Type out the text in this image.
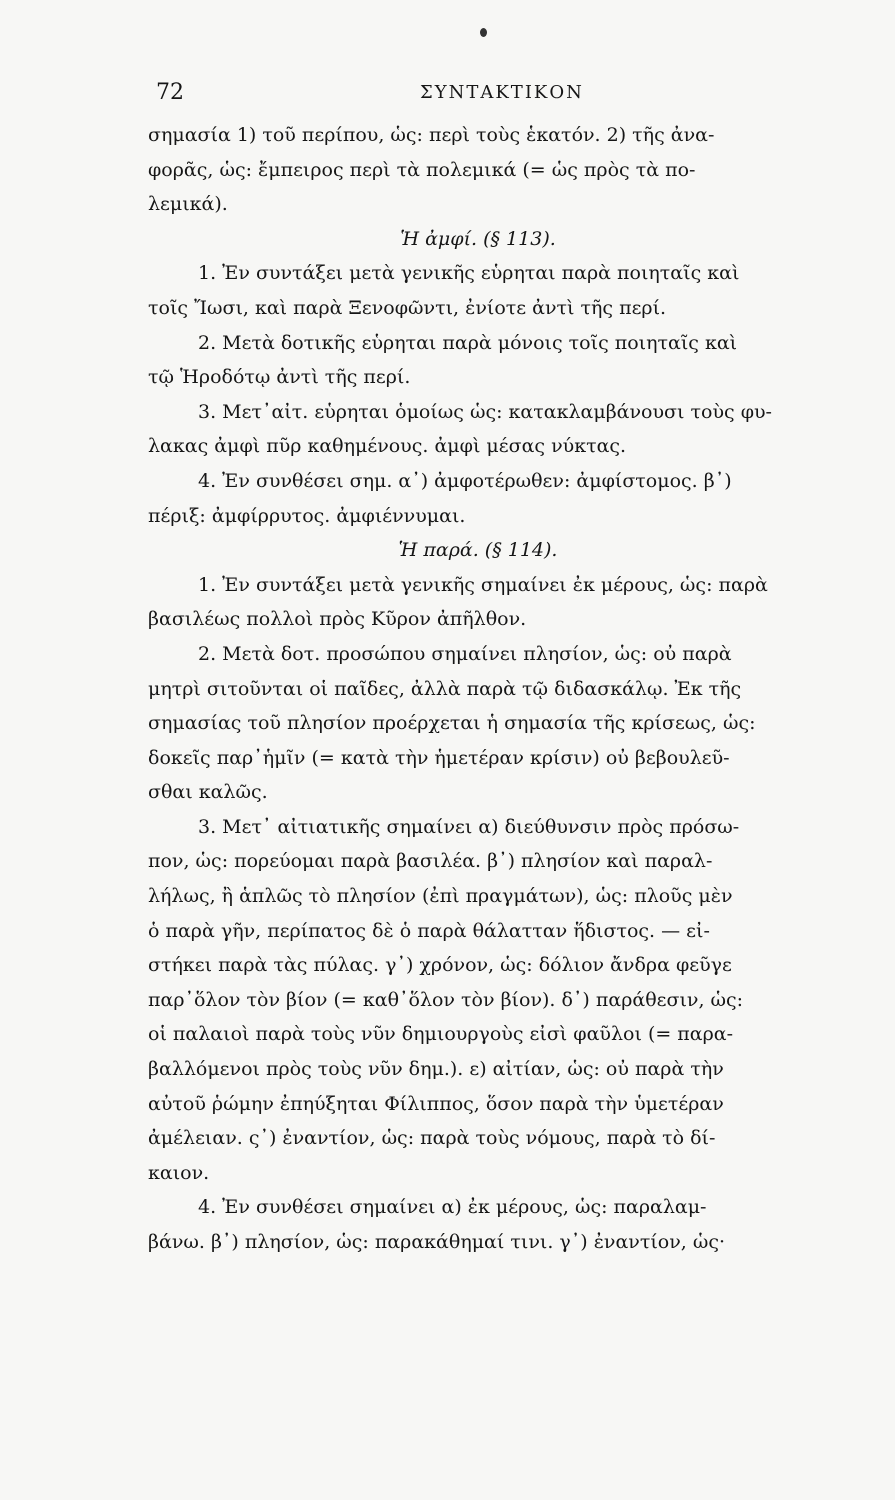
72	ΣΥΝΤΑΚΤΙΚΟΝ
σημασία 1) τοῦ περίπου, ὡς: περὶ τοὺς ἑκατόν. 2) τῆς ἀνα-
φορᾶς, ὡς: ἔμπειρος περὶ τὰ πολεμικά (= ὡς πρὸς τὰ πο-
λεμικά).
Ἡ ἀμφί. (§ 113).
1. Ἐν συντάξει μετὰ γενικῆς εὑρηται παρὰ ποιηταῖς καὶ
τοῖς Ἴωσι, καὶ παρὰ Ξενοφῶντι, ἐνίοτε ἀντὶ τῆς περί.
2. Μετὰ δοτικῆς εὑρηται παρὰ μόνοις τοῖς ποιηταῖς καὶ
τῷ Ἡροδότῳ ἀντὶ τῆς περί.
3. Μετ᾽αἰτ. εὑρηται ὁμοίως ὡς: κατακλαμβάνουσι τοὺς φυ-
λακας ἀμφὶ πῦρ καθημένους. ἀμφὶ μέσας νύκτας.
4. Ἐν συνθέσει σημ. α᾽) ἀμφοτέρωθεν: ἀμφίστομος. β᾽)
πέριξ: ἀμφίρρυτος. ἀμφιέννυμαι.
Ἡ παρά. (§ 114).
1. Ἐν συντάξει μετὰ γενικῆς σημαίνει ἐκ μέρους, ὡς: παρὰ
βασιλέως πολλοὶ πρὸς Κῦρον ἀπῆλθον.
2. Μετὰ δοτ. προσώπου σημαίνει πλησίον, ὡς: οὐ παρὰ
μητρὶ σιτοῦνται οἱ παῖδες, ἀλλὰ παρὰ τῷ διδασκάλῳ. Ἐκ τῆς
σημασίας τοῦ πλησίον προέρχεται ἡ σημασία τῆς κρίσεως, ὡς:
δοκεῖς παρ᾽ἡμῖν (= κατὰ τὴν ἡμετέραν κρίσιν) οὐ βεβουλεῦ-
σθαι καλῶς.
3. Μετ᾽ αἰτιατικῆς σημαίνει α) διεύθυνσιν πρὸς πρόσω-
πον, ὡς: πορεύομαι παρὰ βασιλέα. β᾽) πλησίον καὶ παραλ-
λήλως, ἢ ἁπλῶς τὸ πλησίον (ἐπὶ πραγμάτων), ὡς: πλοῦς μὲν
ὁ παρὰ γῆν, περίπατος δὲ ὁ παρὰ θάλατταν ἥδιστος. — εἰ-
στήκει παρὰ τὰς πύλας. γ᾽) χρόνον, ὡς: δόλιον ἄνδρα φεῦγε
παρ᾽ὅλον τὸν βίον (= καθ᾽ὅλον τὸν βίον). δ᾽) παράθεσιν, ὡς:
οἱ παλαιοὶ παρὰ τοὺς νῦν δημιουργοὺς εἰσὶ φαῦλοι (= παρα-
βαλλόμενοι πρὸς τοὺς νῦν δημ.). ε) αἰτίαν, ὡς: οὐ παρὰ τὴν
αὐτοῦ ῥώμην ἐπηύξηται Φίλιππος, ὅσον παρὰ τὴν ὑμετέραν
ἀμέλειαν. ς᾽) ἐναντίον, ὡς: παρὰ τοὺς νόμους, παρὰ τὸ δί-
καιον.
4. Ἐν συνθέσει σημαίνει α) ἐκ μέρους, ὡς: παραλαμ-
βάνω. β᾽) πλησίον, ὡς: παρακάθημαί τινι. γ᾽) ἐναντίον, ὡς·
